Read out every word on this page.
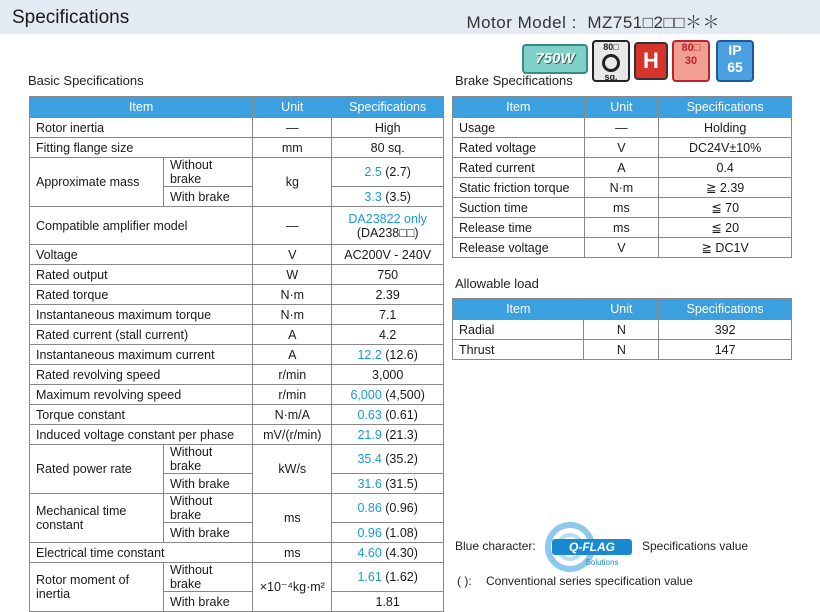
Specifications	Motor Model : MZ751□2□□＊＊
750W
80□
sq.
H	80□
30
IP
65
Basic Specifications
Item		Unit	Specifications
Rotor inertia		―	High
Fitting flange size		mm	80 sq.
Approximate mass	Without brake	kg	2.5 (2.7)
	With brake		3.3 (3.5)
Compatible amplifier model		―	DA23822 only
(DA238□□)

Voltage		V	AC200V - 240V
Rated output		W	750
Rated torque		N·m	2.39
Instantaneous maximum torque		N·m	7.1
Rated current (stall current)		A	4.2
Instantaneous maximum current		A	12.2 (12.6)
Rated revolving speed		r/min	3,000
Maximum revolving speed		r/min	6,000 (4,500)
Torque constant		N·m/A	0.63 (0.61)
Induced voltage constant per phase		mV/(r/min)	21.9 (21.3)
Rated power rate	Without brake	kW/s	35.4 (35.2)
	With brake		31.6 (31.5)
Mechanical time constant	Without brake	ms	0.86 (0.96)
	With brake		0.96 (1.08)
Electrical time constant		ms	4.60 (4.30)
Rotor moment of inertia	Without brake	×10⁻⁴kg·m²	1.61 (1.62)
	With brake		1.81
Brake Specifications
Item	Unit	Specifications
Usage	―	Holding
Rated voltage	V	DC24V±10%
Rated current	A	0.4
Static friction torque	N·m	≧ 2.39
Suction time	ms	≦ 70
Release time	ms	≦ 20
Release voltage	V	≧ DC1V
Allowable load
Item	Unit	Specifications
Radial	N	392
Thrust	N	147
Blue character:	Q-FLAG
Solutions
Specifications value
( ): Conventional series specification value
